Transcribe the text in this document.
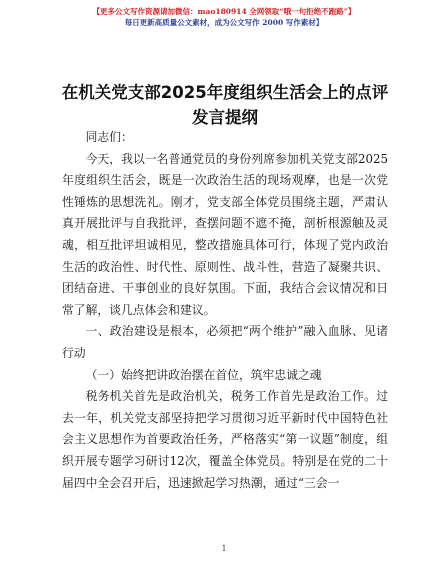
【更多公文写作资源请加微信：mao180914 全网领取“哦一句拒绝不跑路”】
每日更新高质量公文素材，成为公文写作 2000 写作素材】
在机关党支部2025年度组织生活会上的点评发言提纲

同志们：

今天，我以一名普通党员的身份列席参加机关党支部2025年度组织生活会，既是一次政治生活的现场观摩，也是一次党性锤炼的思想洗礼。刚才，党支部全体党员围绕主题，严肃认真开展批评与自我批评，查摆问题不遮不掩，剖析根源触及灵魂，相互批评坦诚相见，整改措施具体可行，体现了党内政治生活的政治性、时代性、原则性、战斗性，营造了凝聚共识、团结奋进、干事创业的良好氛围。下面，我结合会议情况和日常了解，谈几点体会和建议。

一、政治建设是根本，必须把“两个维护”融入血脉、见诸行动

（一）始终把讲政治摆在首位，筑牢忠诚之魂

税务机关首先是政治机关，税务工作首先是政治工作。过去一年，机关党支部坚持把学习贯彻习近平新时代中国特色社会主义思想作为首要政治任务，严格落实“第一议题”制度，组织开展专题学习研讨12次，覆盖全体党员。特别是在党的二十届四中全会召开后，迅速掀起学习热潮，通过“三会一

1
